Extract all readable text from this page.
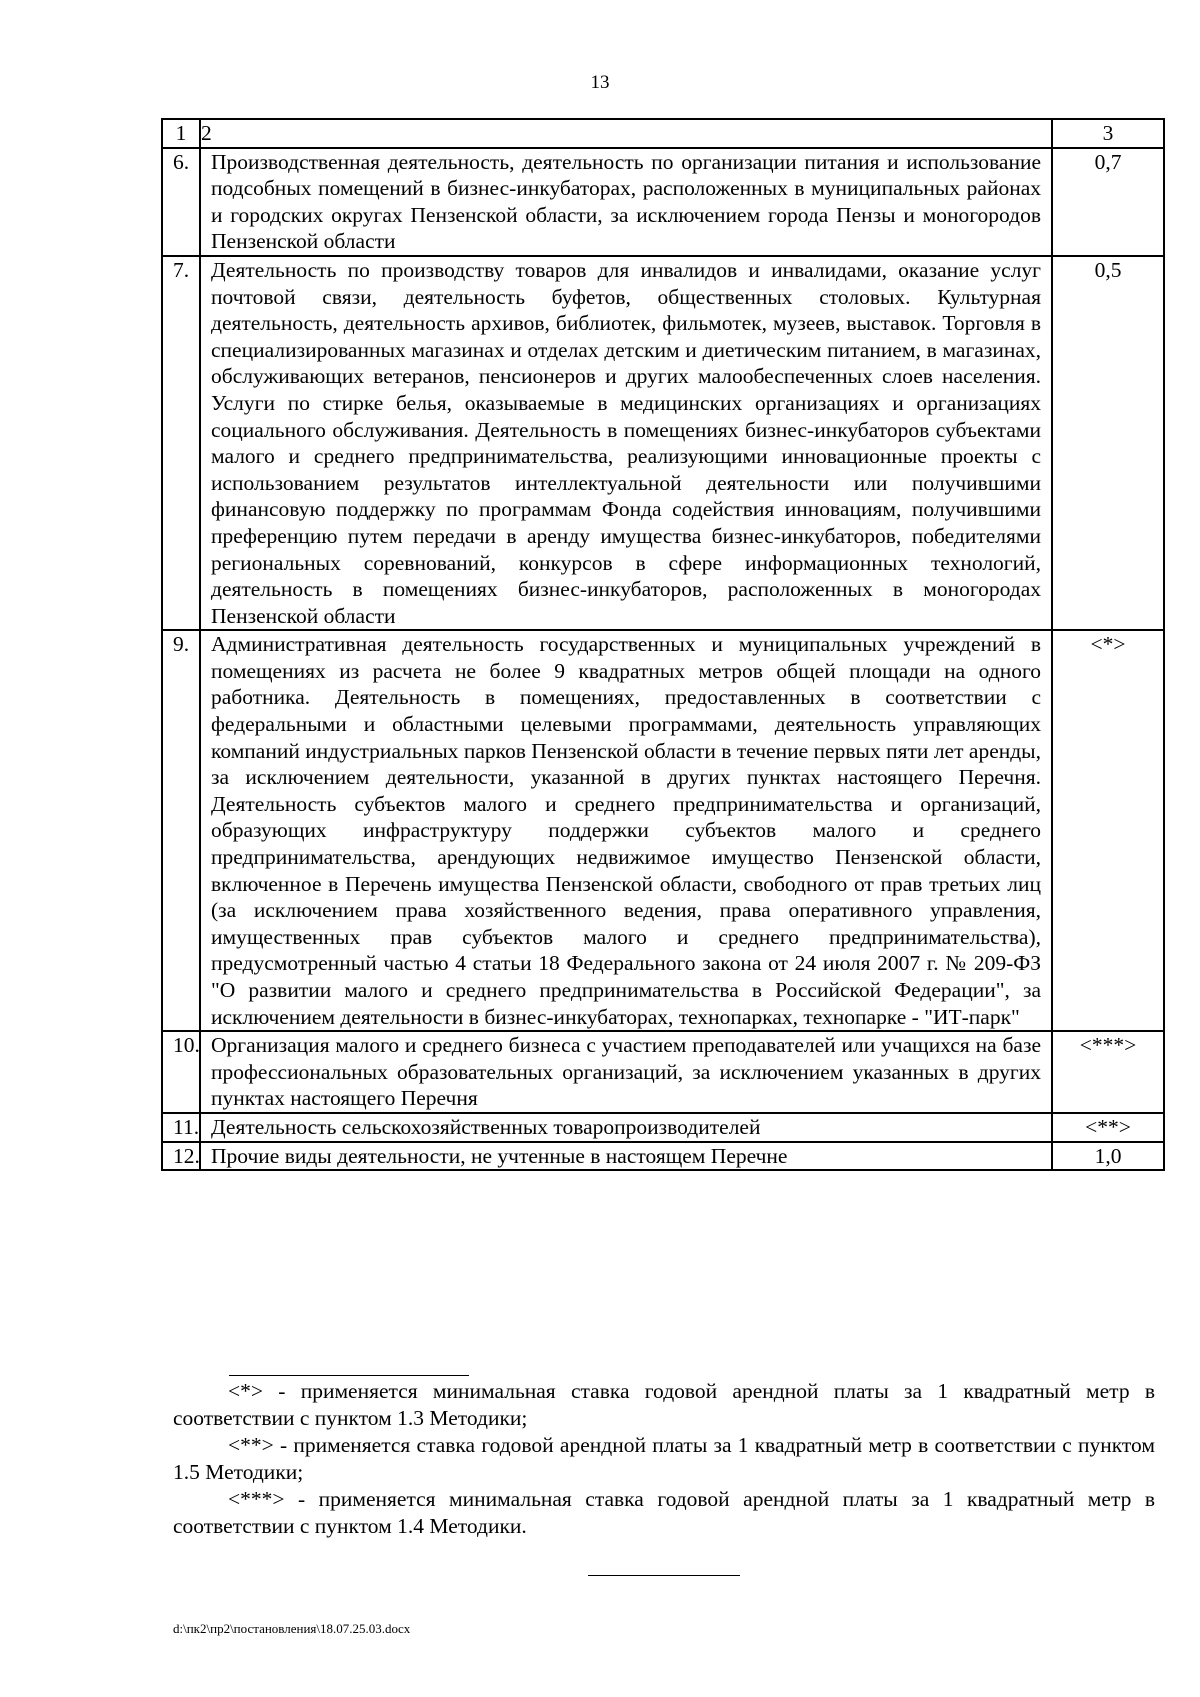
13
1	2	3
6.	Производственная деятельность, деятельность по организации питания и использование подсобных помещений в бизнес-инкубаторах, расположенных в муниципальных районах и городских округах Пензенской области, за исключением города Пензы и моногородов Пензенской области	0,7
7.	Деятельность по производству товаров для инвалидов и инвалидами, оказание услуг почтовой связи, деятельность буфетов, общественных столовых. Культурная деятельность, деятельность архивов, библиотек, фильмотек, музеев, выставок. Торговля в специализированных магазинах и отделах детским и диетическим питанием, в магазинах, обслуживающих ветеранов, пенсионеров и других малообеспеченных слоев населения. Услуги по стирке белья, оказываемые в медицинских организациях и организациях социального обслуживания. Деятельность в помещениях бизнес-инкубаторов субъектами малого и среднего предпринимательства, реализующими инновационные проекты с использованием результатов интеллектуальной деятельности или получившими финансовую поддержку по программам Фонда содействия инновациям, получившими преференцию путем передачи в аренду имущества бизнес-инкубаторов, победителями региональных соревнований, конкурсов в сфере информационных технологий, деятельность в помещениях бизнес-инкубаторов, расположенных в моногородах Пензенской области	0,5
9.	Административная деятельность государственных и муниципальных учреждений в помещениях из расчета не более 9 квадратных метров общей площади на одного работника. Деятельность в помещениях, предоставленных в соответствии с федеральными и областными целевыми программами, деятельность управляющих компаний индустриальных парков Пензенской области в течение первых пяти лет аренды, за исключением деятельности, указанной в других пунктах настоящего Перечня. Деятельность субъектов малого и среднего предпринимательства и организаций, образующих инфраструктуру поддержки субъектов малого и среднего предпринимательства, арендующих недвижимое имущество Пензенской области, включенное в Перечень имущества Пензенской области, свободного от прав третьих лиц (за исключением права хозяйственного ведения, права оперативного управления, имущественных прав субъектов малого и среднего предпринимательства), предусмотренный частью 4 статьи 18 Федерального закона от 24 июля 2007 г. № 209-ФЗ "О развитии малого и среднего предпринимательства в Российской Федерации", за исключением деятельности в бизнес-инкубаторах, технопарках, технопарке - "ИТ-парк"	<*>
10.	Организация малого и среднего бизнеса с участием преподавателей или учащихся на базе профессиональных образовательных организаций, за исключением указанных в других пунктах настоящего Перечня	<***>
11.	Деятельность сельскохозяйственных товаропроизводителей	<**>
12.	Прочие виды деятельности, не учтенные в настоящем Перечне	1,0

<*> - применяется минимальная ставка годовой арендной платы за 1 квадратный метр в соответствии с пунктом 1.3 Методики;

<**> - применяется ставка годовой арендной платы за 1 квадратный метр в соответствии с пунктом 1.5 Методики;

<***> - применяется минимальная ставка годовой арендной платы за 1 квадратный метр в соответствии с пунктом 1.4 Методики.

d:\пк2\пр2\постановления\18.07.25.03.docx
